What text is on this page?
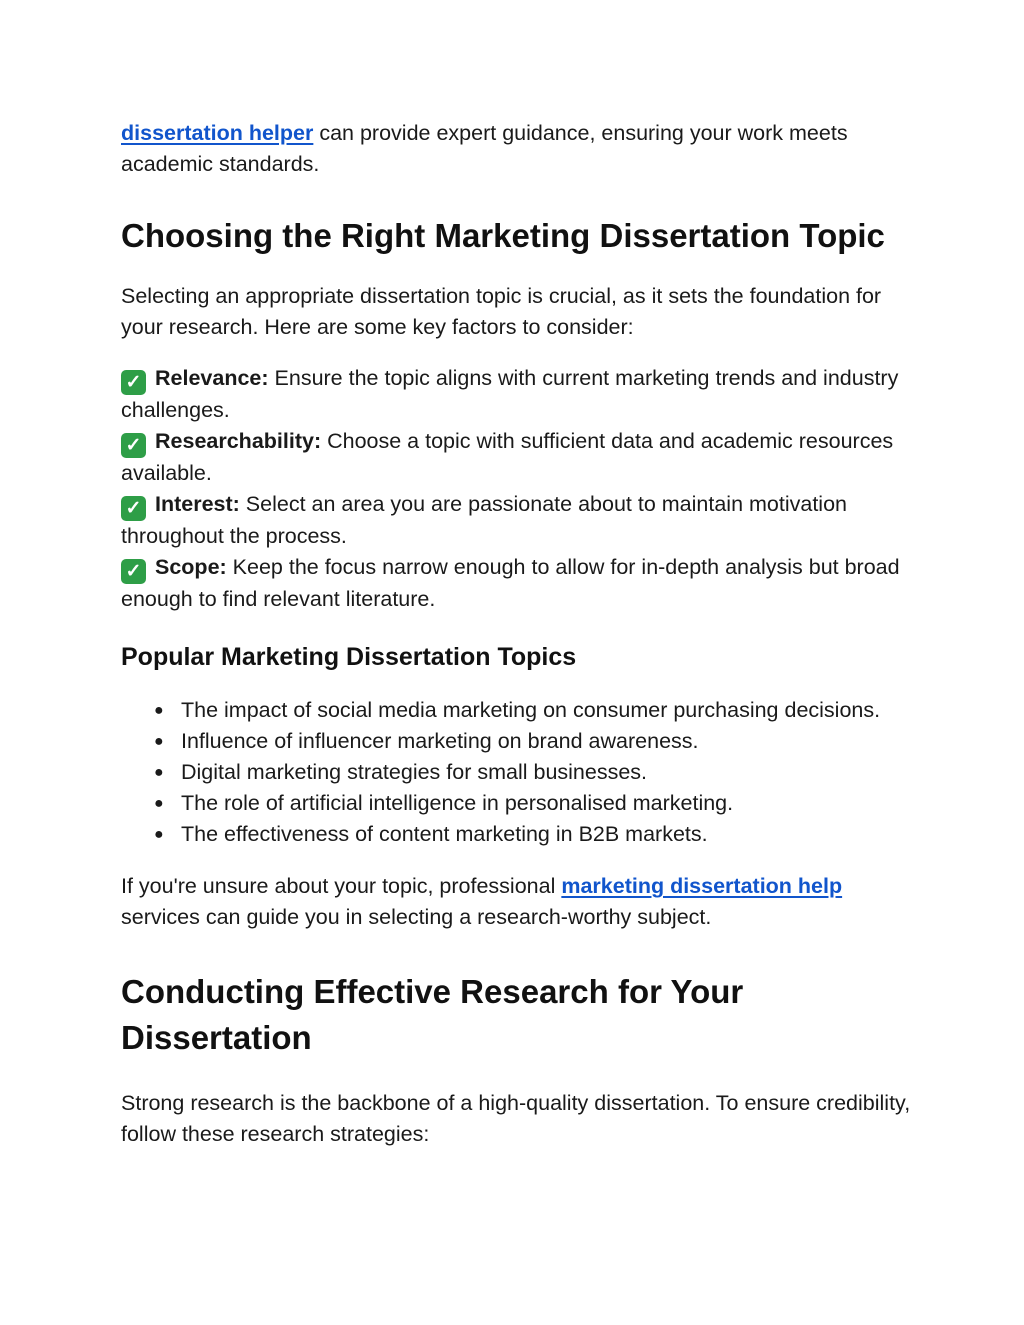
dissertation helper can provide expert guidance, ensuring your work meets academic standards.

Choosing the Right Marketing Dissertation Topic

Selecting an appropriate dissertation topic is crucial, as it sets the foundation for your research. Here are some key factors to consider:

✓ Relevance: Ensure the topic aligns with current marketing trends and industry challenges.

✓ Researchability: Choose a topic with sufficient data and academic resources available.

✓ Interest: Select an area you are passionate about to maintain motivation throughout the process.

✓ Scope: Keep the focus narrow enough to allow for in-depth analysis but broad enough to find relevant literature.

Popular Marketing Dissertation Topics
● The impact of social media marketing on consumer purchasing decisions.
● Influence of influencer marketing on brand awareness.
● Digital marketing strategies for small businesses.
● The role of artificial intelligence in personalised marketing.
● The effectiveness of content marketing in B2B markets.

If you're unsure about your topic, professional marketing dissertation help services can guide you in selecting a research-worthy subject.

Conducting Effective Research for Your Dissertation

Strong research is the backbone of a high-quality dissertation. To ensure credibility, follow these research strategies:
